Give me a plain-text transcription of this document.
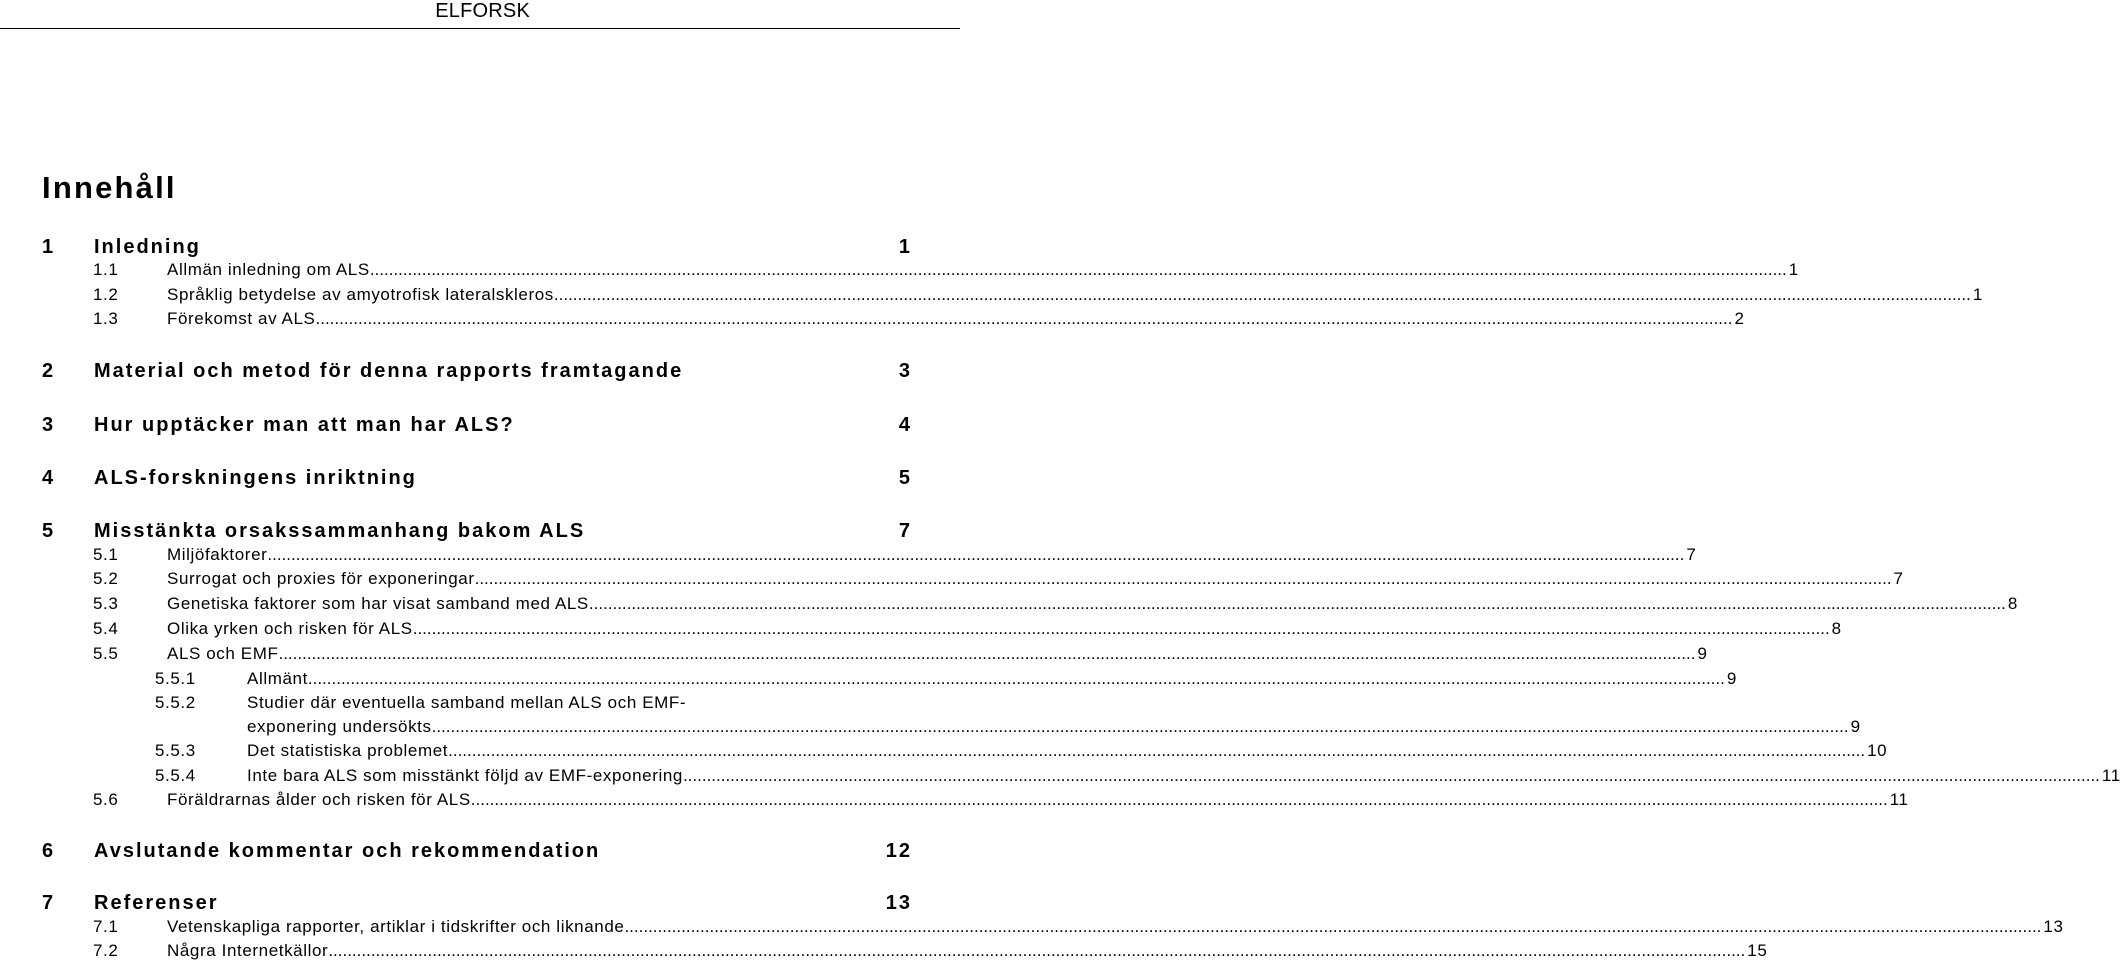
ELFORSK
Innehåll
1 Inledning	1
1.1	Allmän inledning om ALS ............................................................................................................................................................................................................................................................................................................ 1
1.2	Språklig betydelse av amyotrofisk lateralskleros ............................................................................................................................................................................................................................................................................................................ 1
1.3	Förekomst av ALS ............................................................................................................................................................................................................................................................................................................ 2
2 Material och metod för denna rapports framtagande	3
3 Hur upptäcker man att man har ALS?	4
4 ALS-forskningens inriktning	5
5 Misstänkta orsakssammanhang bakom ALS	7
5.1	Miljöfaktorer ............................................................................................................................................................................................................................................................................................................ 7
5.2	Surrogat och proxies för exponeringar ............................................................................................................................................................................................................................................................................................................ 7
5.3	Genetiska faktorer som har visat samband med ALS ............................................................................................................................................................................................................................................................................................................ 8
5.4	Olika yrken och risken för ALS ............................................................................................................................................................................................................................................................................................................ 8
5.5	ALS och EMF ............................................................................................................................................................................................................................................................................................................ 9
5.5.1	Allmänt ............................................................................................................................................................................................................................................................................................................ 9
5.5.2	Studier där eventuella samband mellan ALS och EMF-
exponering undersökts ............................................................................................................................................................................................................................................................................................................ 9
5.5.3	Det statistiska problemet ............................................................................................................................................................................................................................................................................................................ 10
5.5.4	Inte bara ALS som misstänkt följd av EMF-exponering ............................................................................................................................................................................................................................................................................................................ 11
5.6	Föräldrarnas ålder och risken för ALS ............................................................................................................................................................................................................................................................................................................ 11
6 Avslutande kommentar och rekommendation	12
7 Referenser	13
7.1	Vetenskapliga rapporter, artiklar i tidskrifter och liknande ............................................................................................................................................................................................................................................................................................................ 13
7.2	Några Internetkällor ............................................................................................................................................................................................................................................................................................................ 15
